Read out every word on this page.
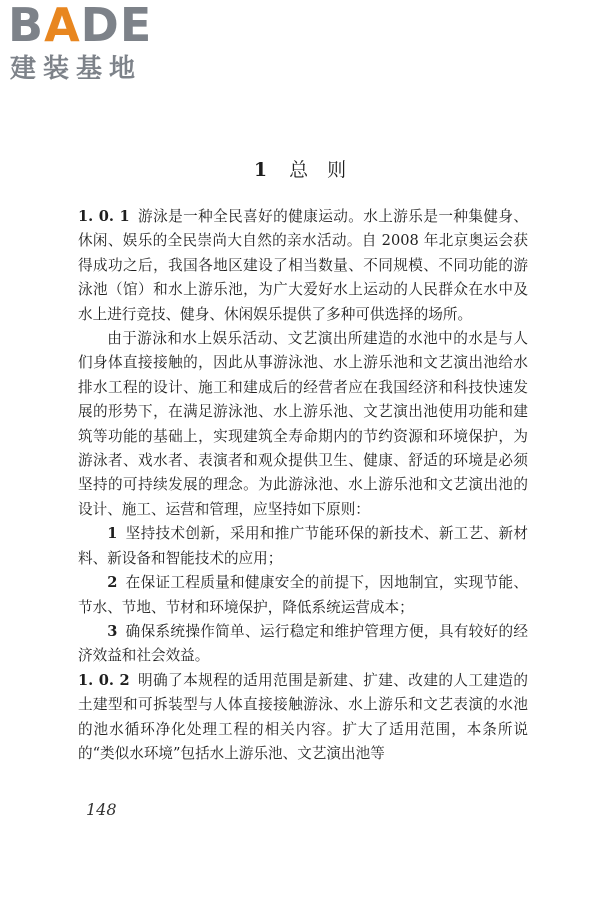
BADE
建装基地
1 总　则

1. 0. 1 游泳是一种全民喜好的健康运动。水上游乐是一种集健身、休闲、娱乐的全民崇尚大自然的亲水活动。自 2008 年北京奥运会获得成功之后，我国各地区建设了相当数量、不同规模、不同功能的游泳池（馆）和水上游乐池，为广大爱好水上运动的人民群众在水中及水上进行竞技、健身、休闲娱乐提供了多种可供选择的场所。

由于游泳和水上娱乐活动、文艺演出所建造的水池中的水是与人们身体直接接触的，因此从事游泳池、水上游乐池和文艺演出池给水排水工程的设计、施工和建成后的经营者应在我国经济和科技快速发展的形势下，在满足游泳池、水上游乐池、文艺演出池使用功能和建筑等功能的基础上，实现建筑全寿命期内的节约资源和环境保护，为游泳者、戏水者、表演者和观众提供卫生、健康、舒适的环境是必须坚持的可持续发展的理念。为此游泳池、水上游乐池和文艺演出池的设计、施工、运营和管理，应坚持如下原则：

1 坚持技术创新，采用和推广节能环保的新技术、新工艺、新材料、新设备和智能技术的应用；

2 在保证工程质量和健康安全的前提下，因地制宜，实现节能、节水、节地、节材和环境保护，降低系统运营成本；

3 确保系统操作简单、运行稳定和维护管理方便，具有较好的经济效益和社会效益。

1. 0. 2 明确了本规程的适用范围是新建、扩建、改建的人工建造的土建型和可拆装型与人体直接接触游泳、水上游乐和文艺表演的水池的池水循环净化处理工程的相关内容。扩大了适用范围，本条所说的“类似水环境”包括水上游乐池、文艺演出池等

148
